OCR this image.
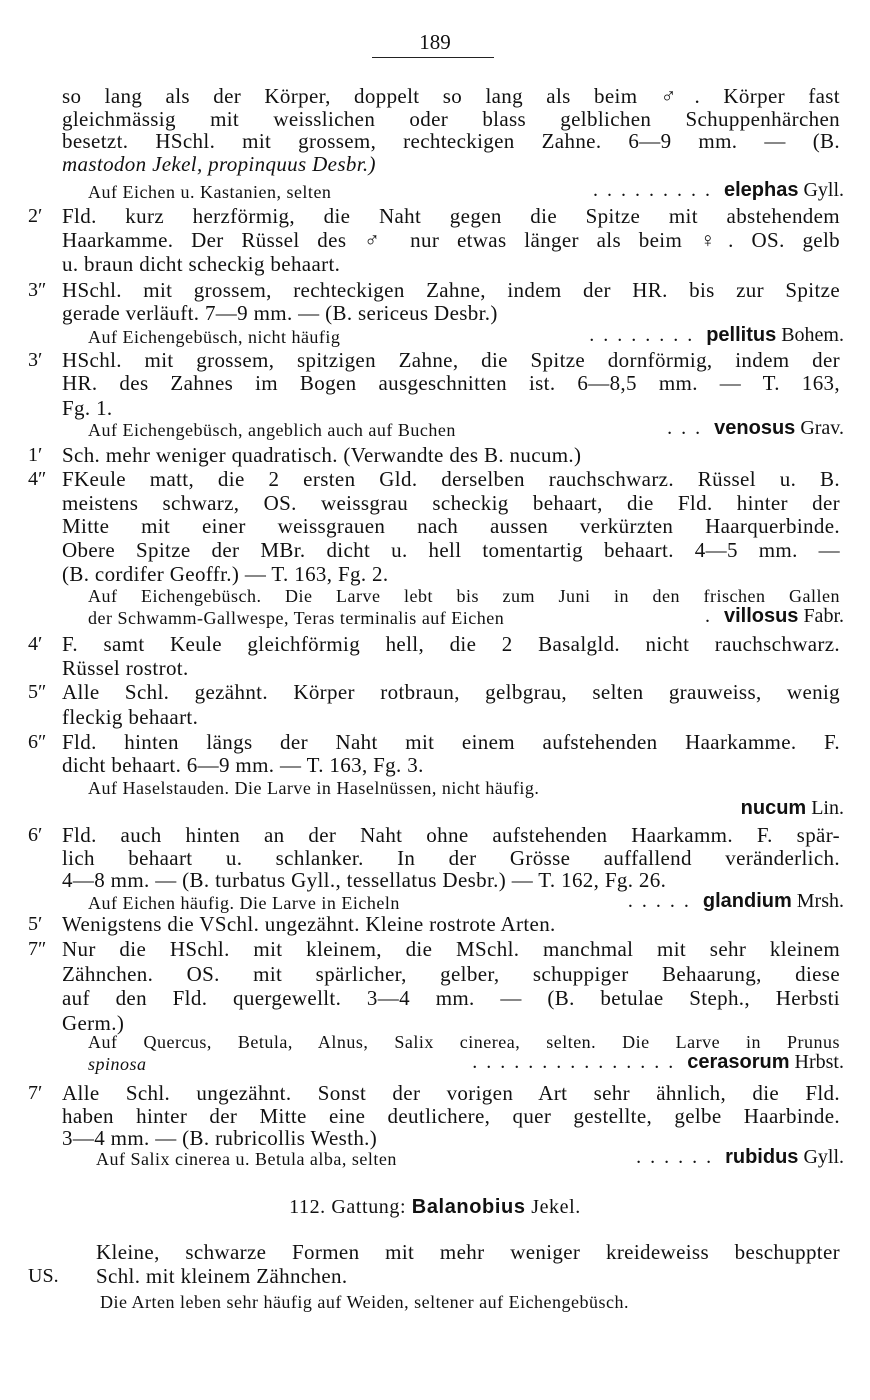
189
2′
3″
3′
1′
4″
4′
5″
6″
6′
5′
7″
7′
US.
so lang als der Körper, doppelt so lang als beim ♂. Körper fast
gleichmässig mit weisslichen oder blass gelblichen Schuppenhärchen
besetzt. HSchl. mit grossem, rechteckigen Zahne. 6—9 mm. — (B.
mastodon Jekel, propinquus Desbr.)
Auf Eichen u. Kastanien, selten
Fld. kurz herzförmig, die Naht gegen die Spitze mit abstehendem
Haarkamme. Der Rüssel des ♂ nur etwas länger als beim ♀. OS. gelb
u. braun dicht scheckig behaart.
HSchl. mit grossem, rechteckigen Zahne, indem der HR. bis zur Spitze
gerade verläuft. 7—9 mm. — (B. sericeus Desbr.)
Auf Eichengebüsch, nicht häufig
HSchl. mit grossem, spitzigen Zahne, die Spitze dornförmig, indem der
HR. des Zahnes im Bogen ausgeschnitten ist. 6—8,5 mm. — T. 163,
Fg. 1.
Auf Eichengebüsch, angeblich auch auf Buchen
Sch. mehr weniger quadratisch. (Verwandte des B. nucum.)
FKeule matt, die 2 ersten Gld. derselben rauchschwarz. Rüssel u. B.
meistens schwarz, OS. weissgrau scheckig behaart, die Fld. hinter der
Mitte mit einer weissgrauen nach aussen verkürzten Haarquerbinde.
Obere Spitze der MBr. dicht u. hell tomentartig behaart. 4—5 mm. —
(B. cordifer Geoffr.) — T. 163, Fg. 2.
Auf Eichengebüsch. Die Larve lebt bis zum Juni in den frischen Gallen
der Schwamm-Gallwespe, Teras terminalis auf Eichen
F. samt Keule gleichförmig hell, die 2 Basalgld. nicht rauchschwarz.
Rüssel rostrot.
Alle Schl. gezähnt. Körper rotbraun, gelbgrau, selten grauweiss, wenig
fleckig behaart.
Fld. hinten längs der Naht mit einem aufstehenden Haarkamme. F.
dicht behaart. 6—9 mm. — T. 163, Fg. 3.
Auf Haselstauden. Die Larve in Haselnüssen, nicht häufig.
Fld. auch hinten an der Naht ohne aufstehenden Haarkamm. F. spär-
lich behaart u. schlanker. In der Grösse auffallend veränderlich.
4—8 mm. — (B. turbatus Gyll., tessellatus Desbr.) — T. 162, Fg. 26.
Auf Eichen häufig. Die Larve in Eicheln
Wenigstens die VSchl. ungezähnt. Kleine rostrote Arten.
Nur die HSchl. mit kleinem, die MSchl. manchmal mit sehr kleinem
Zähnchen. OS. mit spärlicher, gelber, schuppiger Behaarung, diese
auf den Fld. quergewellt. 3—4 mm. — (B. betulae Steph., Herbsti
Germ.)
Auf Quercus, Betula, Alnus, Salix cinerea, selten. Die Larve in Prunus
spinosa
Alle Schl. ungezähnt. Sonst der vorigen Art sehr ähnlich, die Fld.
haben hinter der Mitte eine deutlichere, quer gestellte, gelbe Haarbinde.
3—4 mm. — (B. rubricollis Westh.)
Auf Salix cinerea u. Betula alba, selten
......... elephas Gyll.
........ pellitus Bohem.
... venosus Grav.
. villosus Fabr.
nucum Lin.
..... glandium Mrsh.
............... cerasorum Hrbst.
...... rubidus Gyll.
112. Gattung: Balanobius Jekel.
Kleine, schwarze Formen mit mehr weniger kreideweiss beschuppter
Schl. mit kleinem Zähnchen.
Die Arten leben sehr häufig auf Weiden, seltener auf Eichengebüsch.
